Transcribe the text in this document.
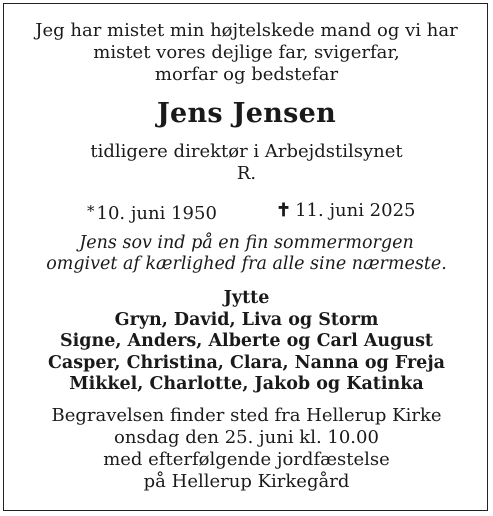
Jeg har mistet min højtelskede mand og vi har
mistet vores dejlige far, svigerfar,
morfar og bedstefar
Jens Jensen
tidligere direktør i Arbejdstilsynet
R.
* 10. juni 1950	✝ 11. juni 2025
Jens sov ind på en fin sommermorgen
omgivet af kærlighed fra alle sine nærmeste.
Jytte
Gryn, David, Liva og Storm
Signe, Anders, Alberte og Carl August
Casper, Christina, Clara, Nanna og Freja
Mikkel, Charlotte, Jakob og Katinka
Begravelsen finder sted fra Hellerup Kirke
onsdag den 25. juni kl. 10.00
med efterfølgende jordfæstelse
på Hellerup Kirkegård
